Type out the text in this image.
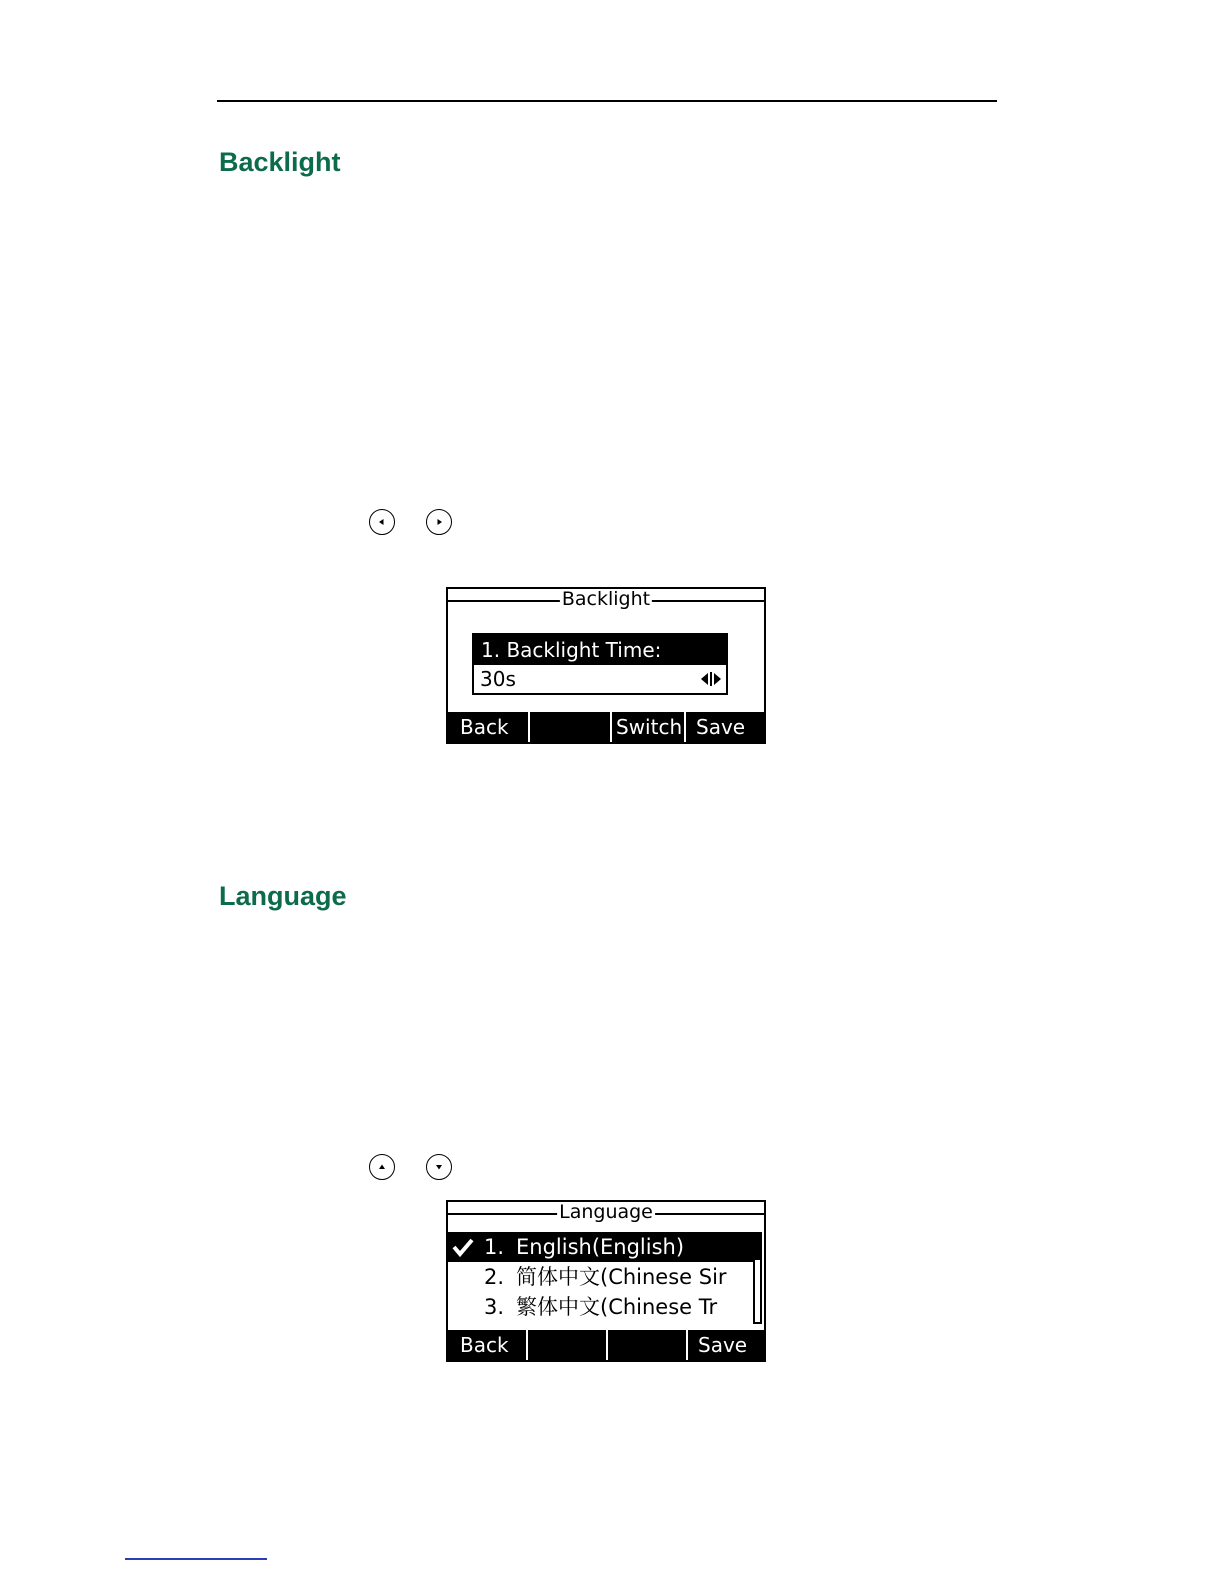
Backlight
Backlight
1. Backlight Time:
30s
Back	Switch Save
Language
Language
1. English(English)
2. 简体中文(Chinese Sir
3. 繁体中文(Chinese Tr
Back	Save
